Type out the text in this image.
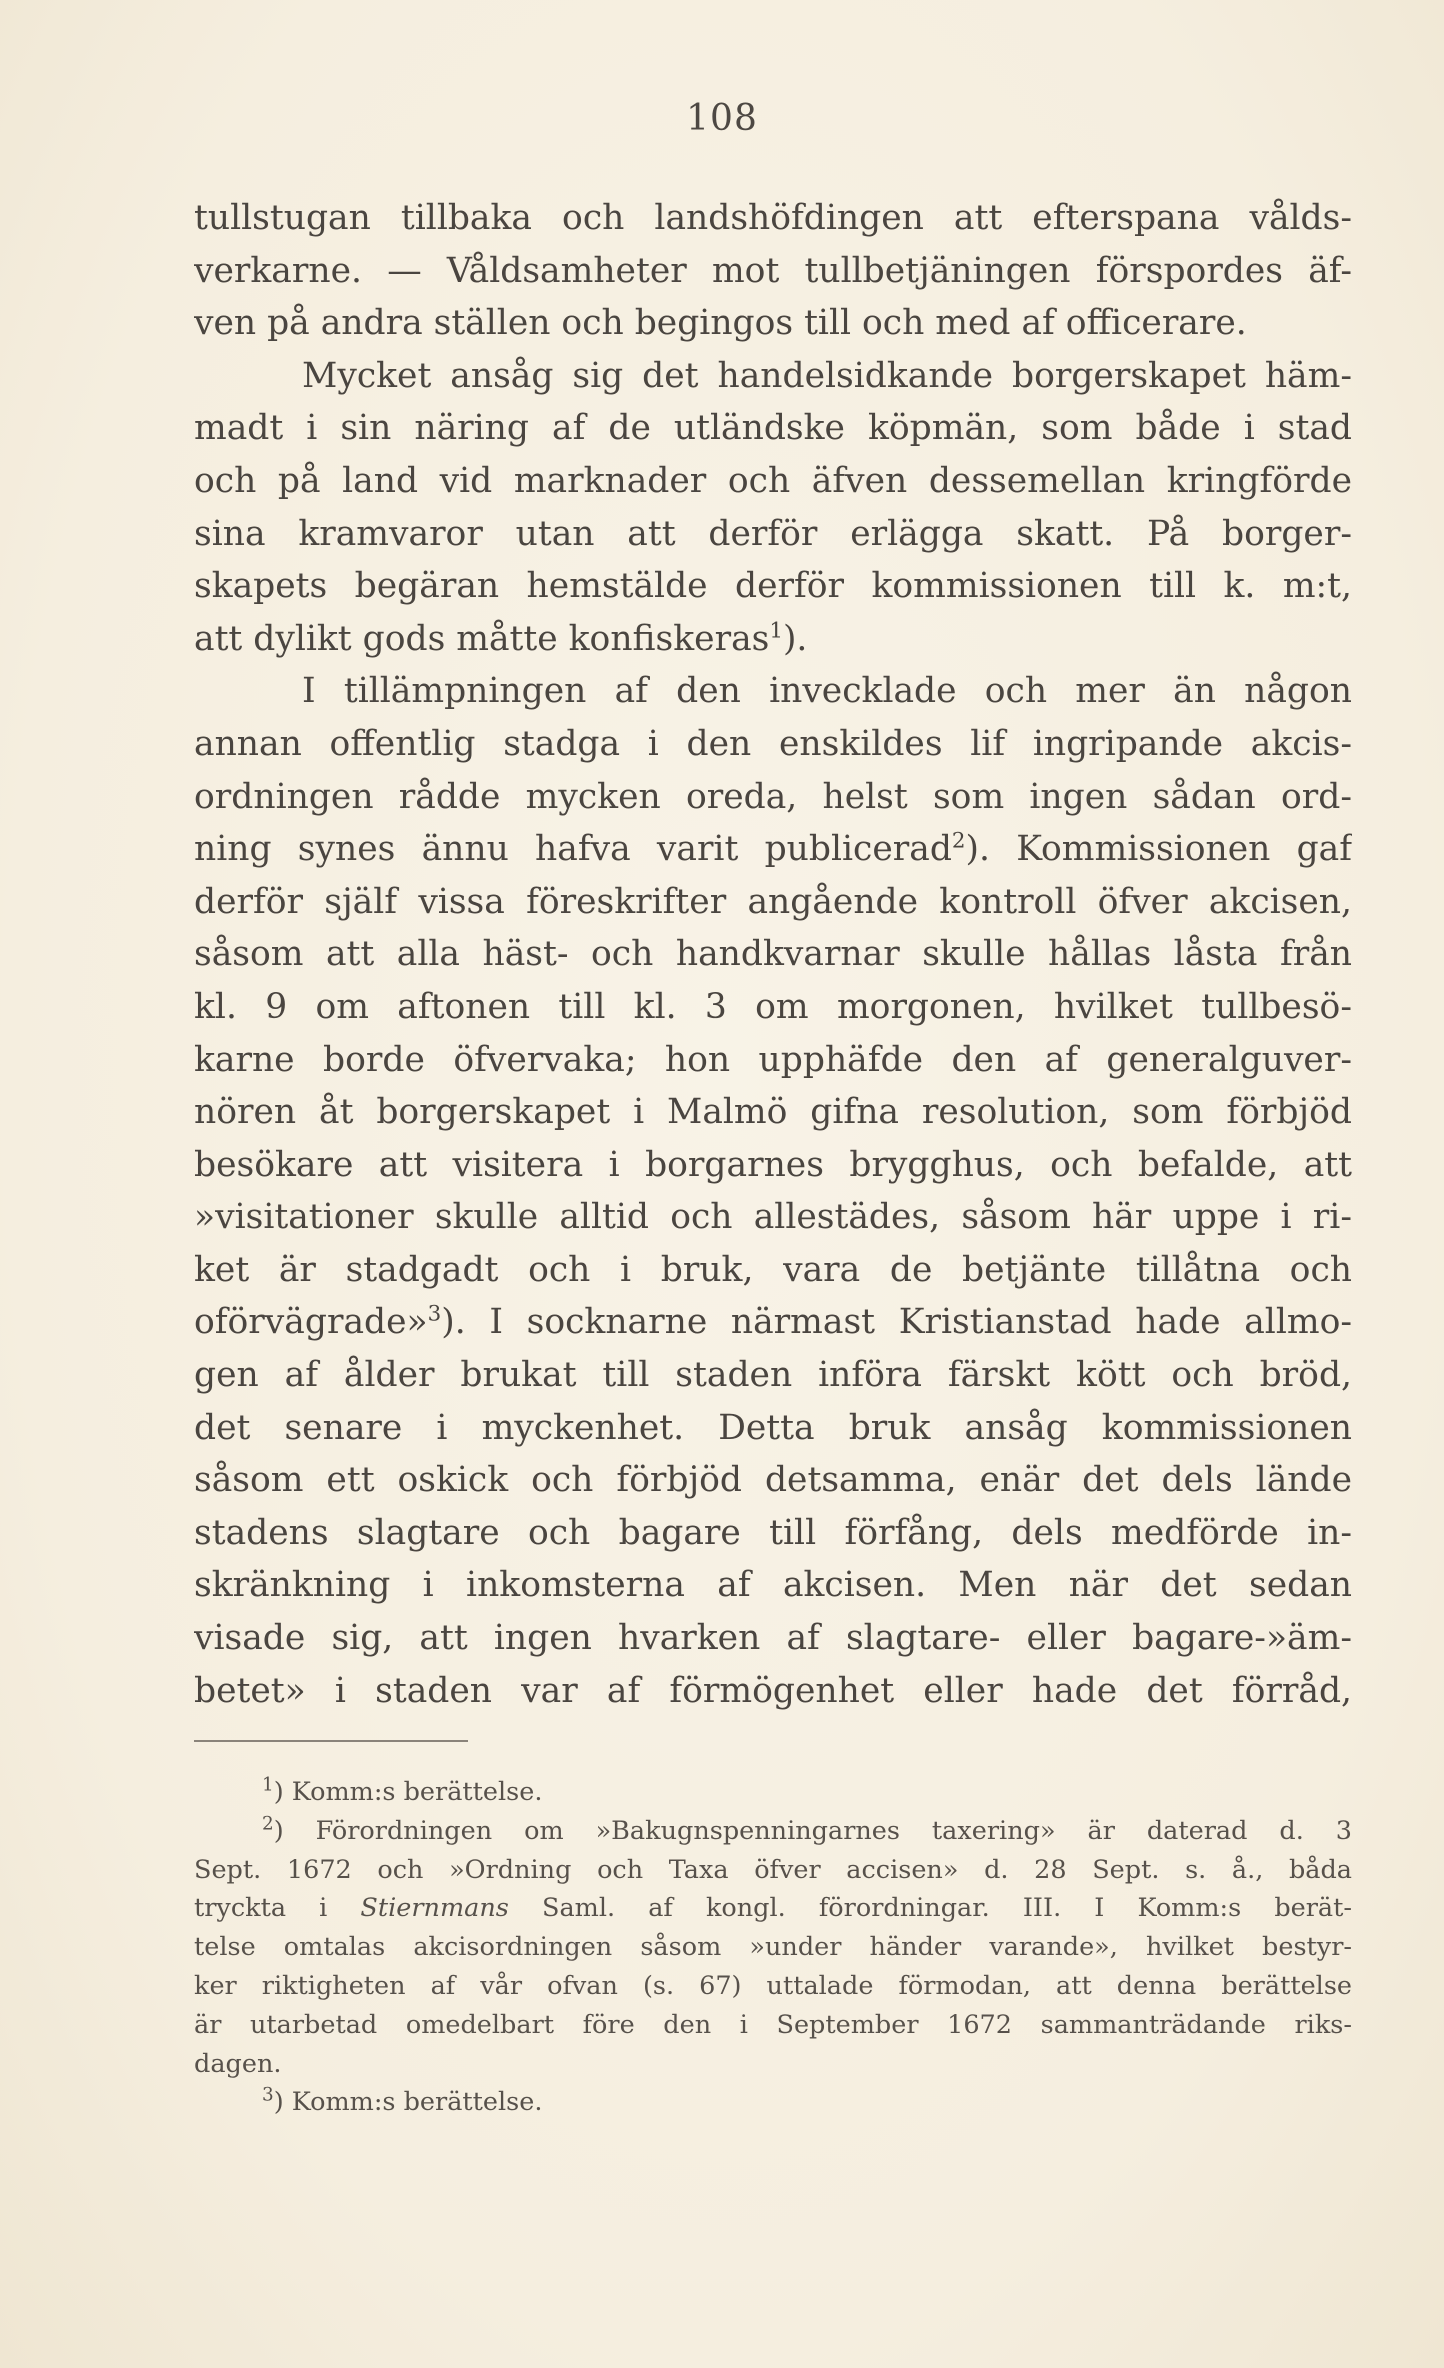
108
tullstugan tillbaka och landshöfdingen att efterspana vålds-
verkarne. — Våldsamheter mot tullbetjäningen förspordes äf-
ven på andra ställen och begingos till och med af officerare.
Mycket ansåg sig det handelsidkande borgerskapet häm-
madt i sin näring af de utländske köpmän, som både i stad
och på land vid marknader och äfven dessemellan kringförde
sina kramvaror utan att derför erlägga skatt. På borger-
skapets begäran hemstälde derför kommissionen till k. m:t,
att dylikt gods måtte konfiskeras$^1$).
I tillämpningen af den invecklade och mer än någon
annan offentlig stadga i den enskildes lif ingripande akcis-
ordningen rådde mycken oreda, helst som ingen sådan ord-
ning synes ännu hafva varit publicerad$^2$). Kommissionen gaf
derför själf vissa föreskrifter angående kontroll öfver akcisen,
såsom att alla häst- och handkvarnar skulle hållas låsta från
kl. 9 om aftonen till kl. 3 om morgonen, hvilket tullbesö-
karne borde öfvervaka; hon upphäfde den af generalguver-
nören åt borgerskapet i Malmö gifna resolution, som förbjöd
besökare att visitera i borgarnes brygghus, och befalde, att
»visitationer skulle alltid och allestädes, såsom här uppe i ri-
ket är stadgadt och i bruk, vara de betjänte tillåtna och
oförvägrade»$^3$). I socknarne närmast Kristianstad hade allmo-
gen af ålder brukat till staden införa färskt kött och bröd,
det senare i myckenhet. Detta bruk ansåg kommissionen
såsom ett oskick och förbjöd detsamma, enär det dels lände
stadens slagtare och bagare till förfång, dels medförde in-
skränkning i inkomsterna af akcisen. Men när det sedan
visade sig, att ingen hvarken af slagtare- eller bagare-»äm-
betet» i staden var af förmögenhet eller hade det förråd,
$^1$) Komm:s berättelse.
$^2$) Förordningen om »Bakugnspenningarnes taxering» är daterad d. 3
Sept. 1672 och »Ordning och Taxa öfver accisen» d. 28 Sept. s. å., båda
tryckta i Stiernmans Saml. af kongl. förordningar. III. I Komm:s berät-
telse omtalas akcisordningen såsom »under händer varande», hvilket bestyr-
ker riktigheten af vår ofvan (s. 67) uttalade förmodan, att denna berättelse
är utarbetad omedelbart före den i September 1672 sammanträdande riks-
dagen.
$^3$) Komm:s berättelse.
